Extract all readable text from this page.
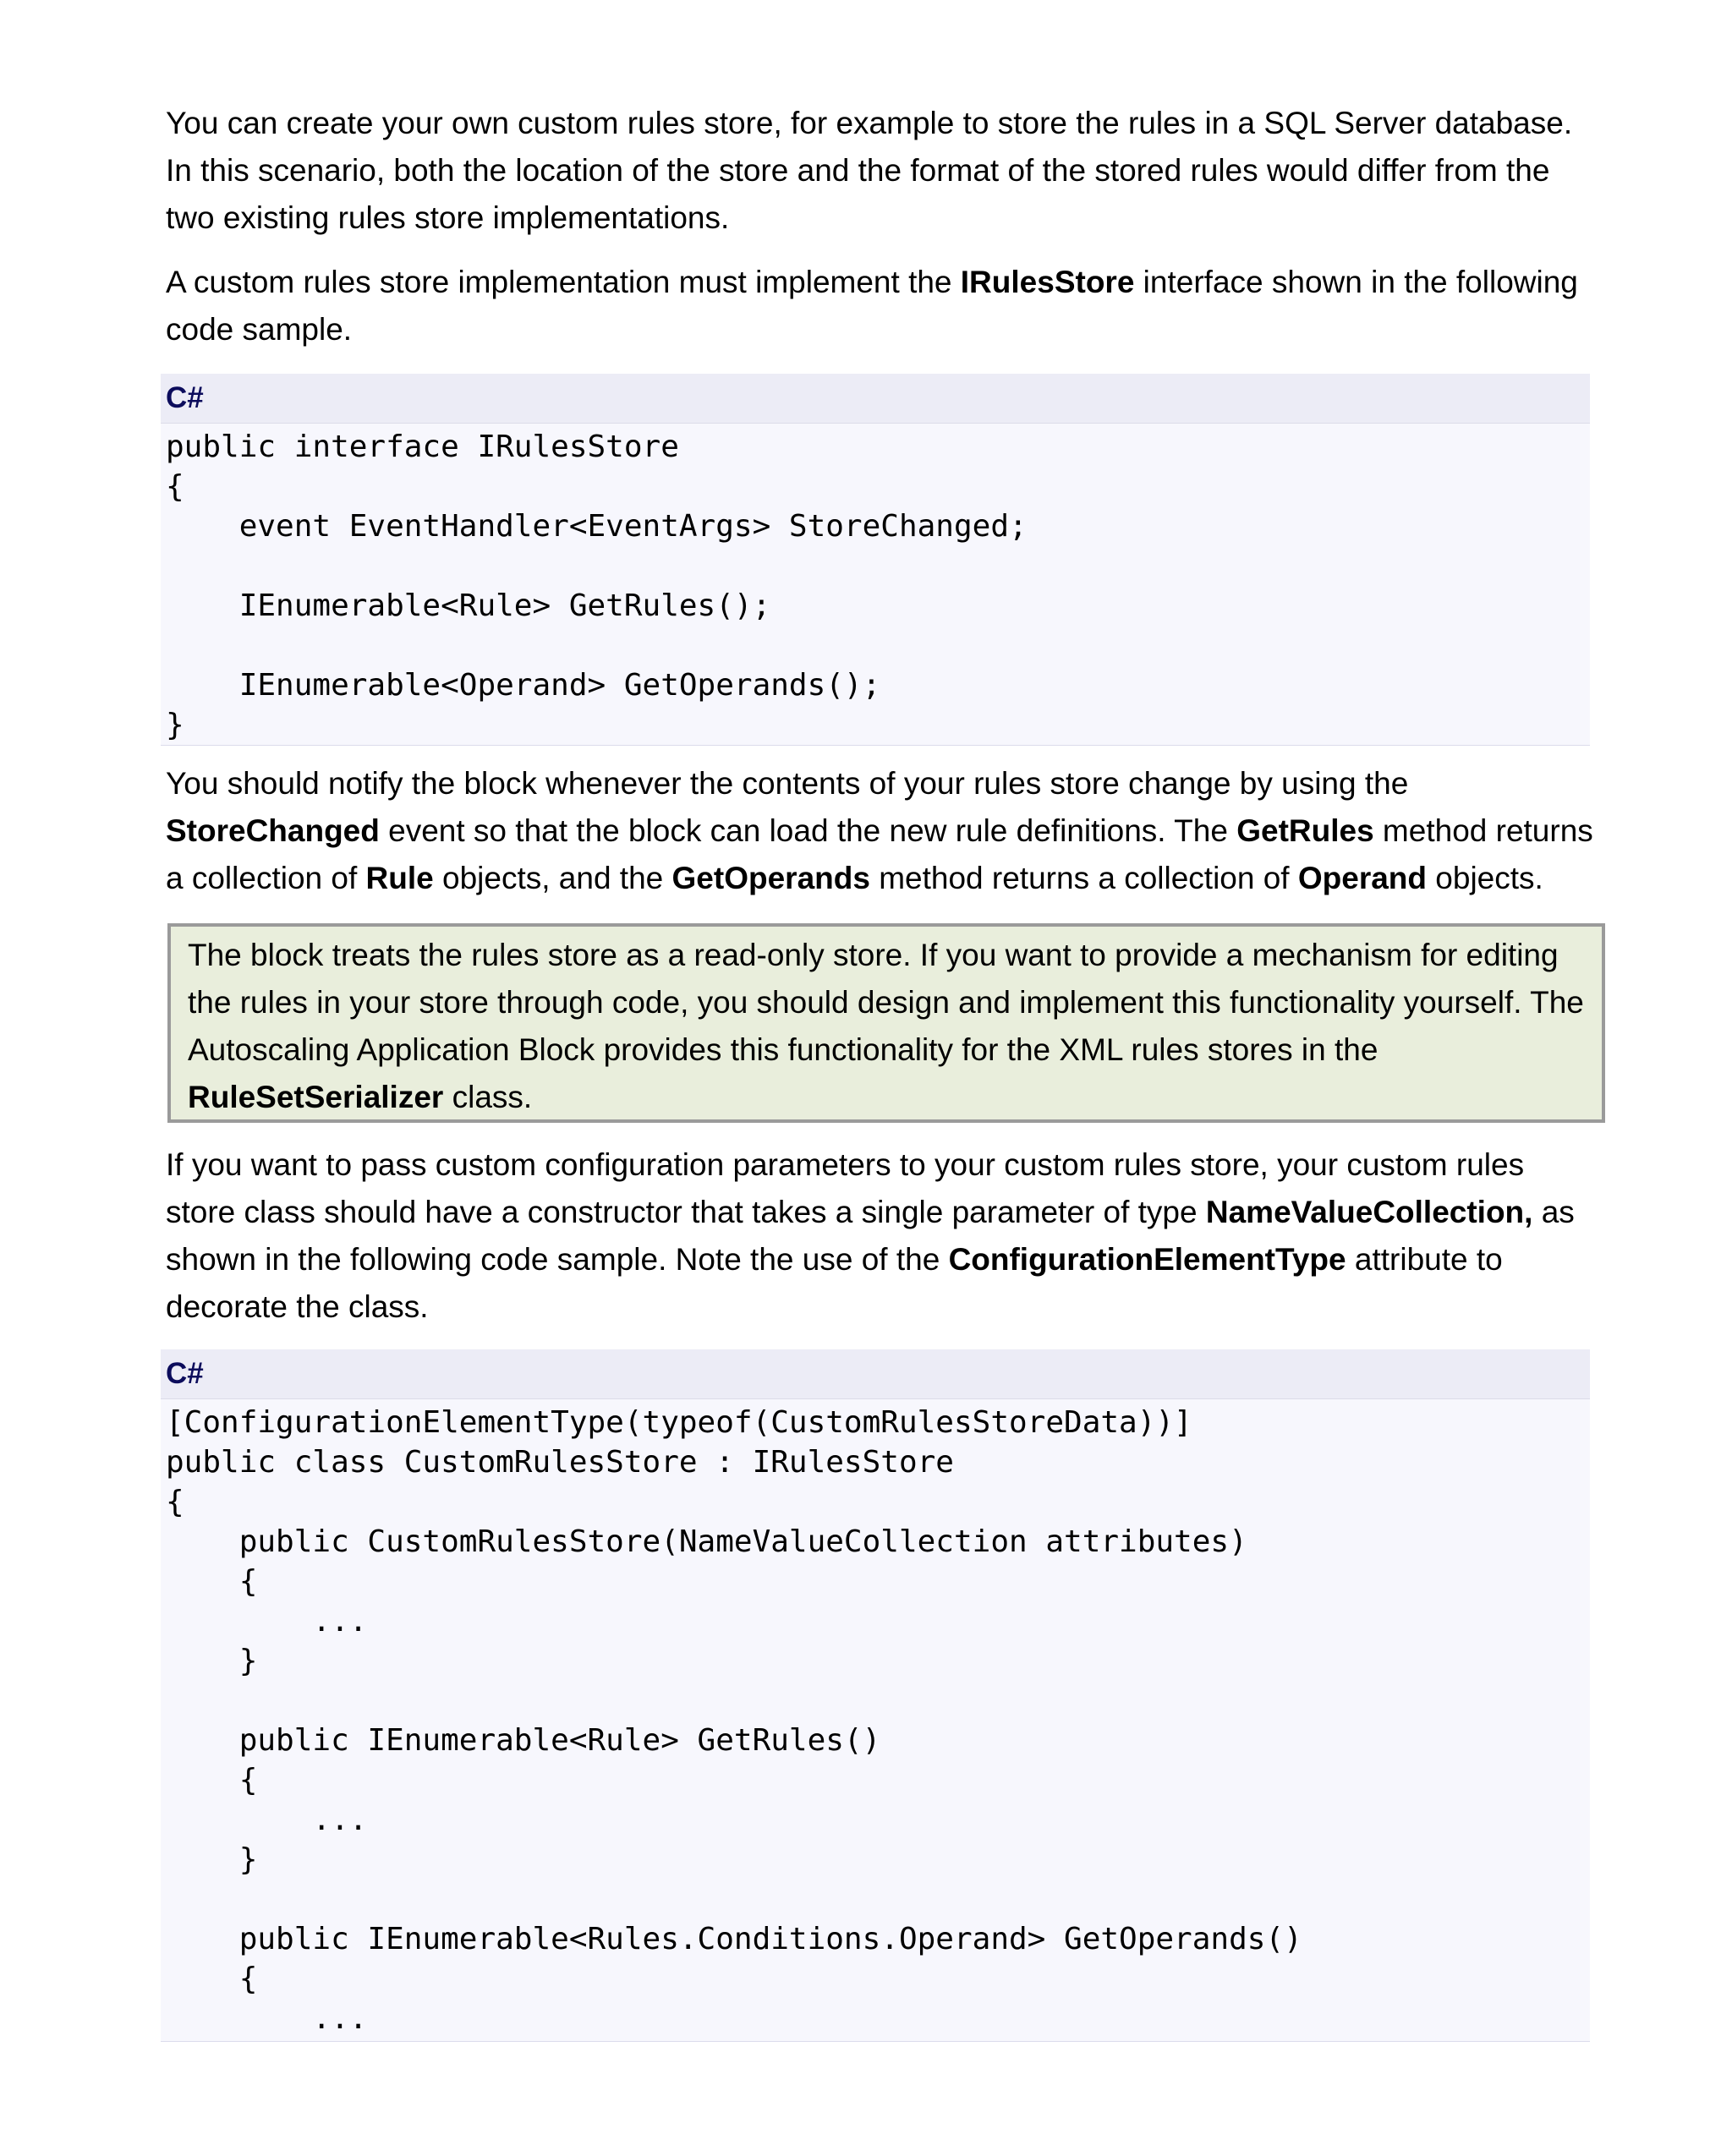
You can create your own custom rules store, for example to store the rules in a SQL Server database. In this scenario, both the location of the store and the format of the stored rules would differ from the two existing rules store implementations.

A custom rules store implementation must implement the IRulesStore interface shown in the following code sample.

C#
public interface IRulesStore
{
event EventHandler<EventArgs> StoreChanged;
IEnumerable<Rule> GetRules();
IEnumerable<Operand> GetOperands();
}

You should notify the block whenever the contents of your rules store change by using the StoreChanged event so that the block can load the new rule definitions. The GetRules method returns a collection of Rule objects, and the GetOperands method returns a collection of Operand objects.

The block treats the rules store as a read-only store. If you want to provide a mechanism for editing the rules in your store through code, you should design and implement this functionality yourself. The Autoscaling Application Block provides this functionality for the XML rules stores in the RuleSetSerializer class.

If you want to pass custom configuration parameters to your custom rules store, your custom rules store class should have a constructor that takes a single parameter of type NameValueCollection, as shown in the following code sample. Note the use of the ConfigurationElementType attribute to decorate the class.

C#
[ConfigurationElementType(typeof(CustomRulesStoreData))]
public class CustomRulesStore : IRulesStore
{
public CustomRulesStore(NameValueCollection attributes)
{
...
}
public IEnumerable<Rule> GetRules()
{
...
}
public IEnumerable<Rules.Conditions.Operand> GetOperands()
{
...
